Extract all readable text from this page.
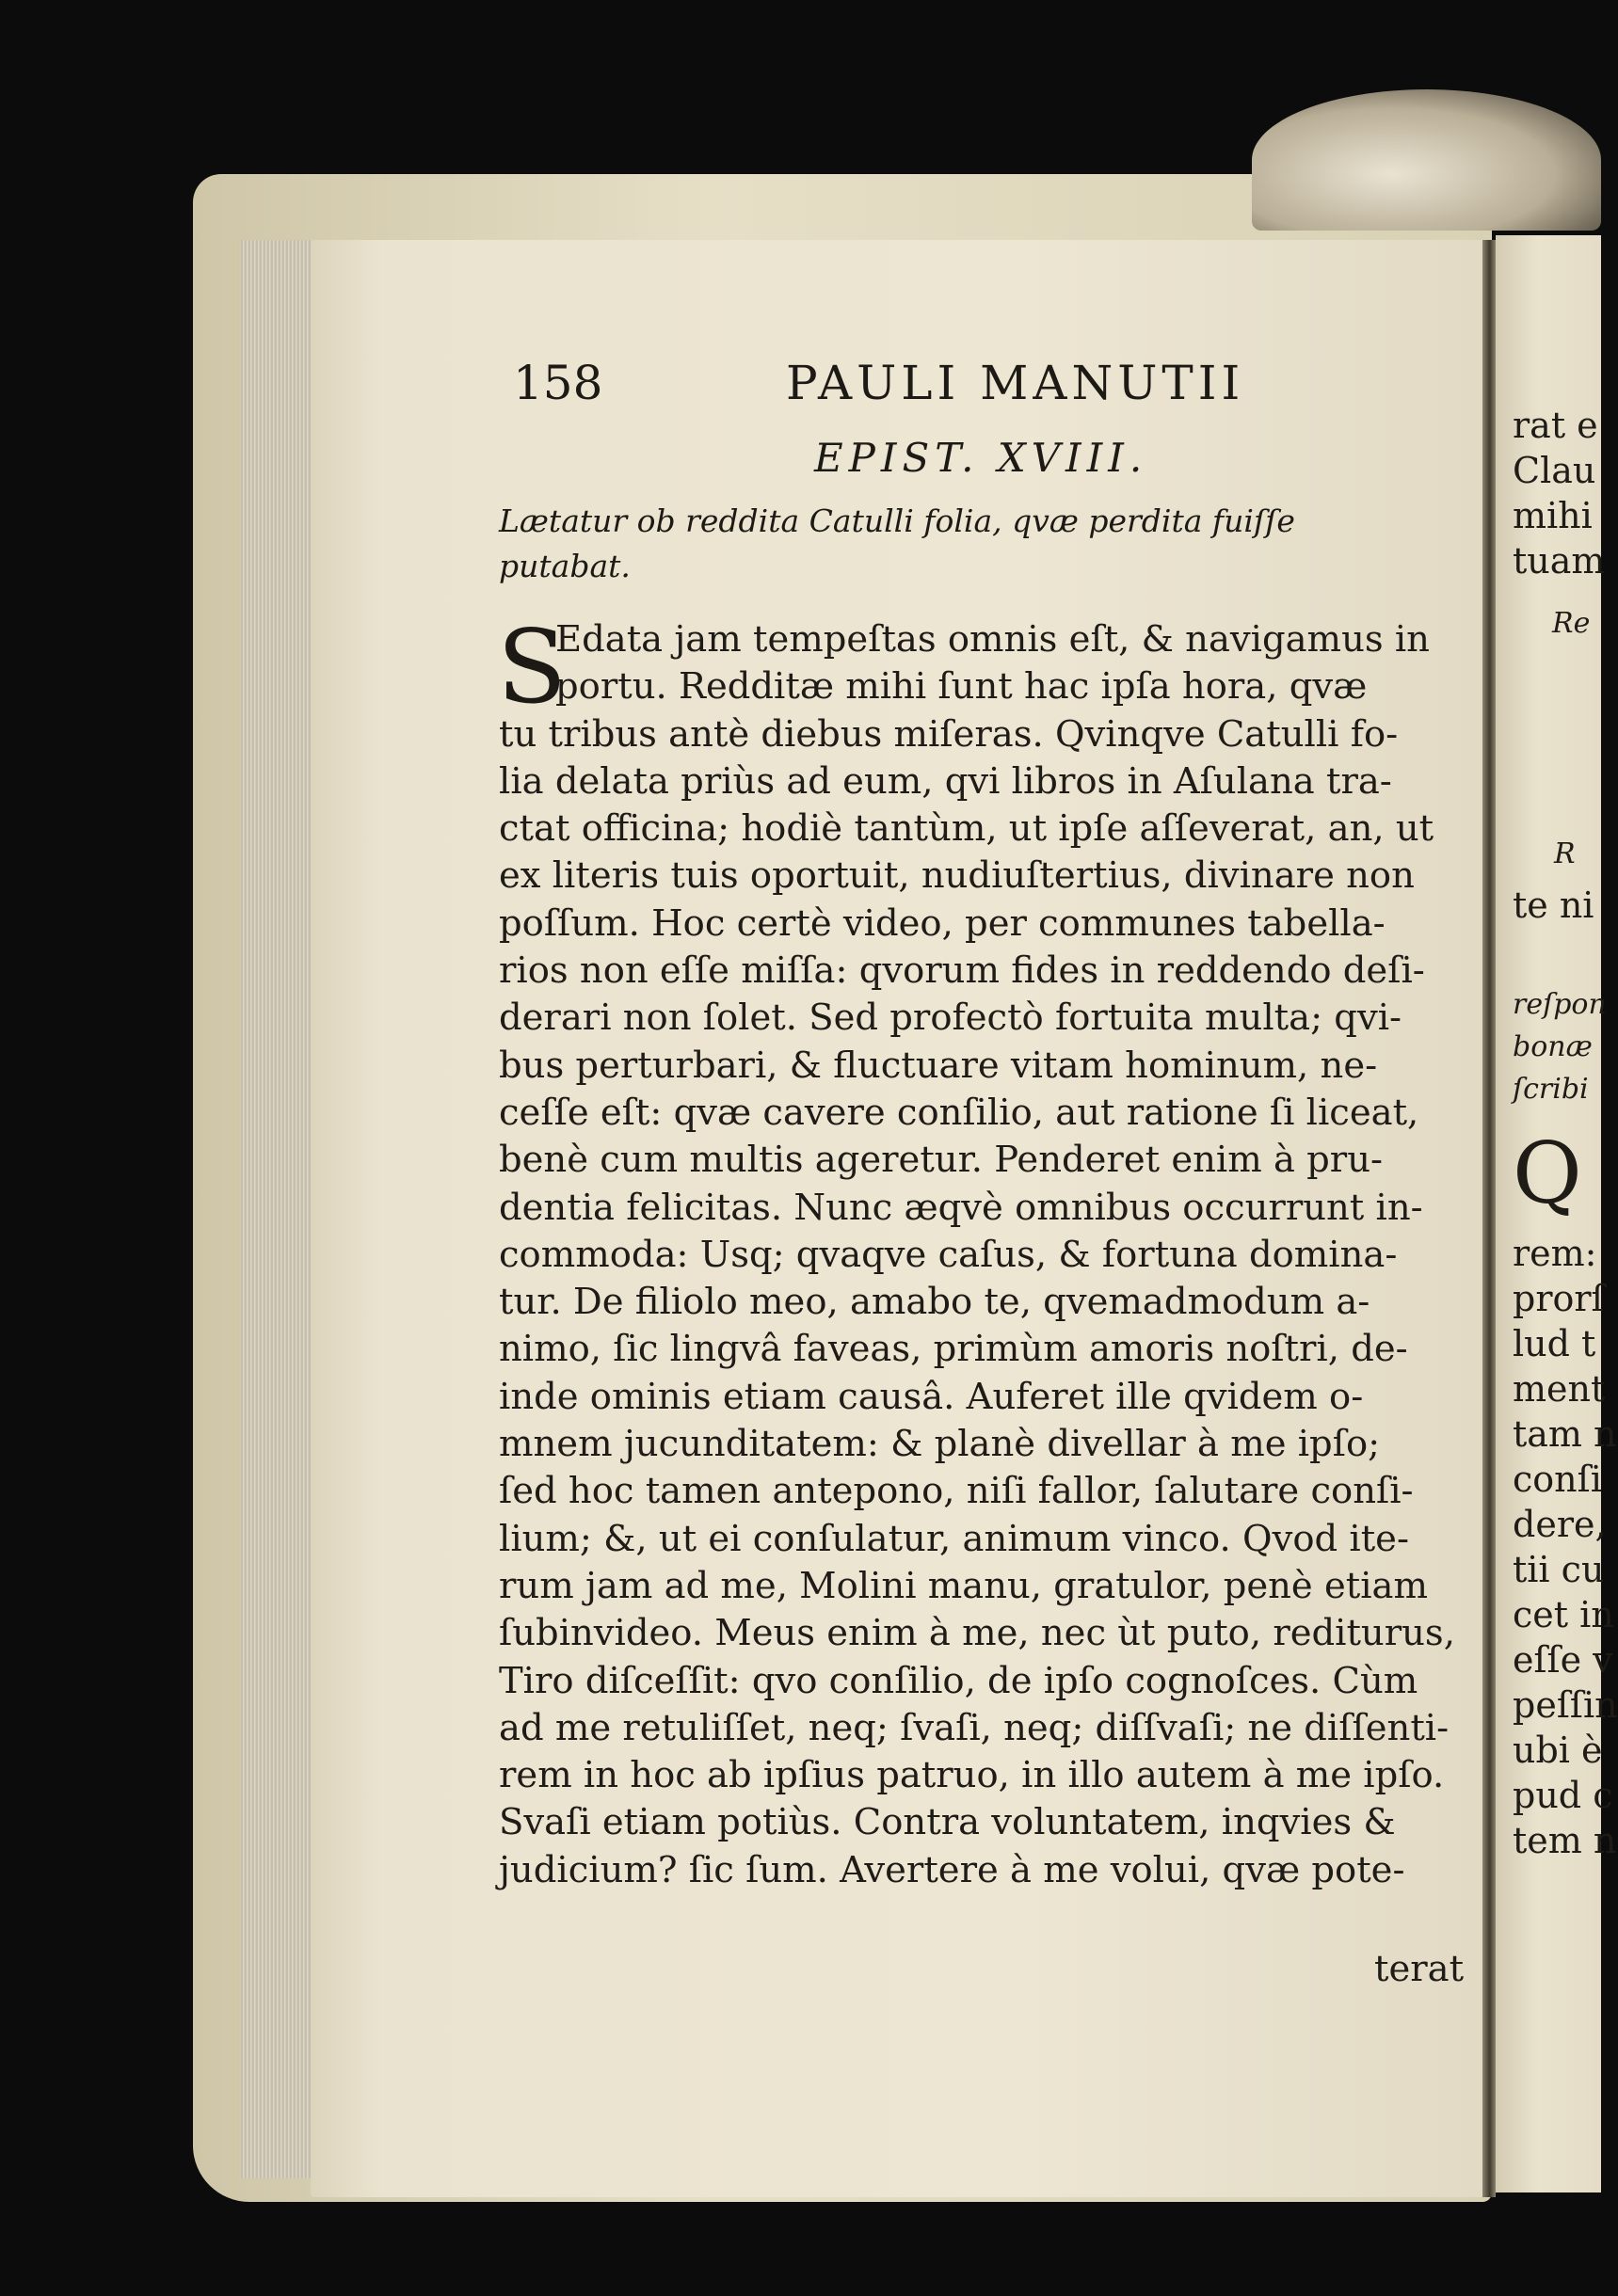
158	PAULI MANUTII
EPIST. XVIII.
Lætatur ob reddita Catulli folia, qvæ perdita fuiſſe
putabat.
S
Edata jam tempeſtas omnis eſt, & navigamus in
portu. Redditæ mihi ſunt hac ipſa hora, qvæ
tu tribus antè diebus miſeras. Qvinqve Catulli fo-
lia delata priùs ad eum, qvi libros in Aſulana tra-
ctat officina; hodiè tantùm, ut ipſe aſſeverat, an, ut
ex literis tuis oportuit, nudiuſtertius, divinare non
poſſum. Hoc certè video, per communes tabella-
rios non eſſe miſſa: qvorum fides in reddendo deſi-
derari non ſolet. Sed profectò fortuita multa; qvi-
bus perturbari, & fluctuare vitam hominum, ne-
ceſſe eſt: qvæ cavere conſilio, aut ratione ſi liceat,
benè cum multis ageretur. Penderet enim à pru-
dentia felicitas. Nunc æqvè omnibus occurrunt in-
commoda: Usq; qvaqve caſus, & fortuna domina-
tur. De filiolo meo, amabo te, qvemadmodum a-
nimo, ſic lingvâ faveas, primùm amoris noſtri, de-
inde ominis etiam causâ. Auferet ille qvidem o-
mnem jucunditatem: & planè divellar à me ipſo;
ſed hoc tamen antepono, niſi fallor, ſalutare conſi-
lium; &, ut ei conſulatur, animum vinco. Qvod ite-
rum jam ad me, Molini manu, gratulor, penè etiam
ſubinvideo. Meus enim à me, nec ùt puto, rediturus,
Tiro diſceſſit: qvo conſilio, de ipſo cognoſces. Cùm
ad me retuliſſet, neq; ſvaſi, neq; diſſvaſi; ne diſſenti-
rem in hoc ab ipſius patruo, in illo autem à me ipſo.
Svaſi etiam potiùs. Contra voluntatem, inqvies &
judicium? ſic ſum. Avertere à me volui, qvæ pote-
terat
rat e
Clau
mihi
tuam
Re
R
te ni
reſpon
bonæ
ſcribi
Q
rem:
prorſ
lud t
ment
tam n
conſi
dere,
tii cu
cet in
eſſe v
peſſin
ubi è
pud c
tem n
